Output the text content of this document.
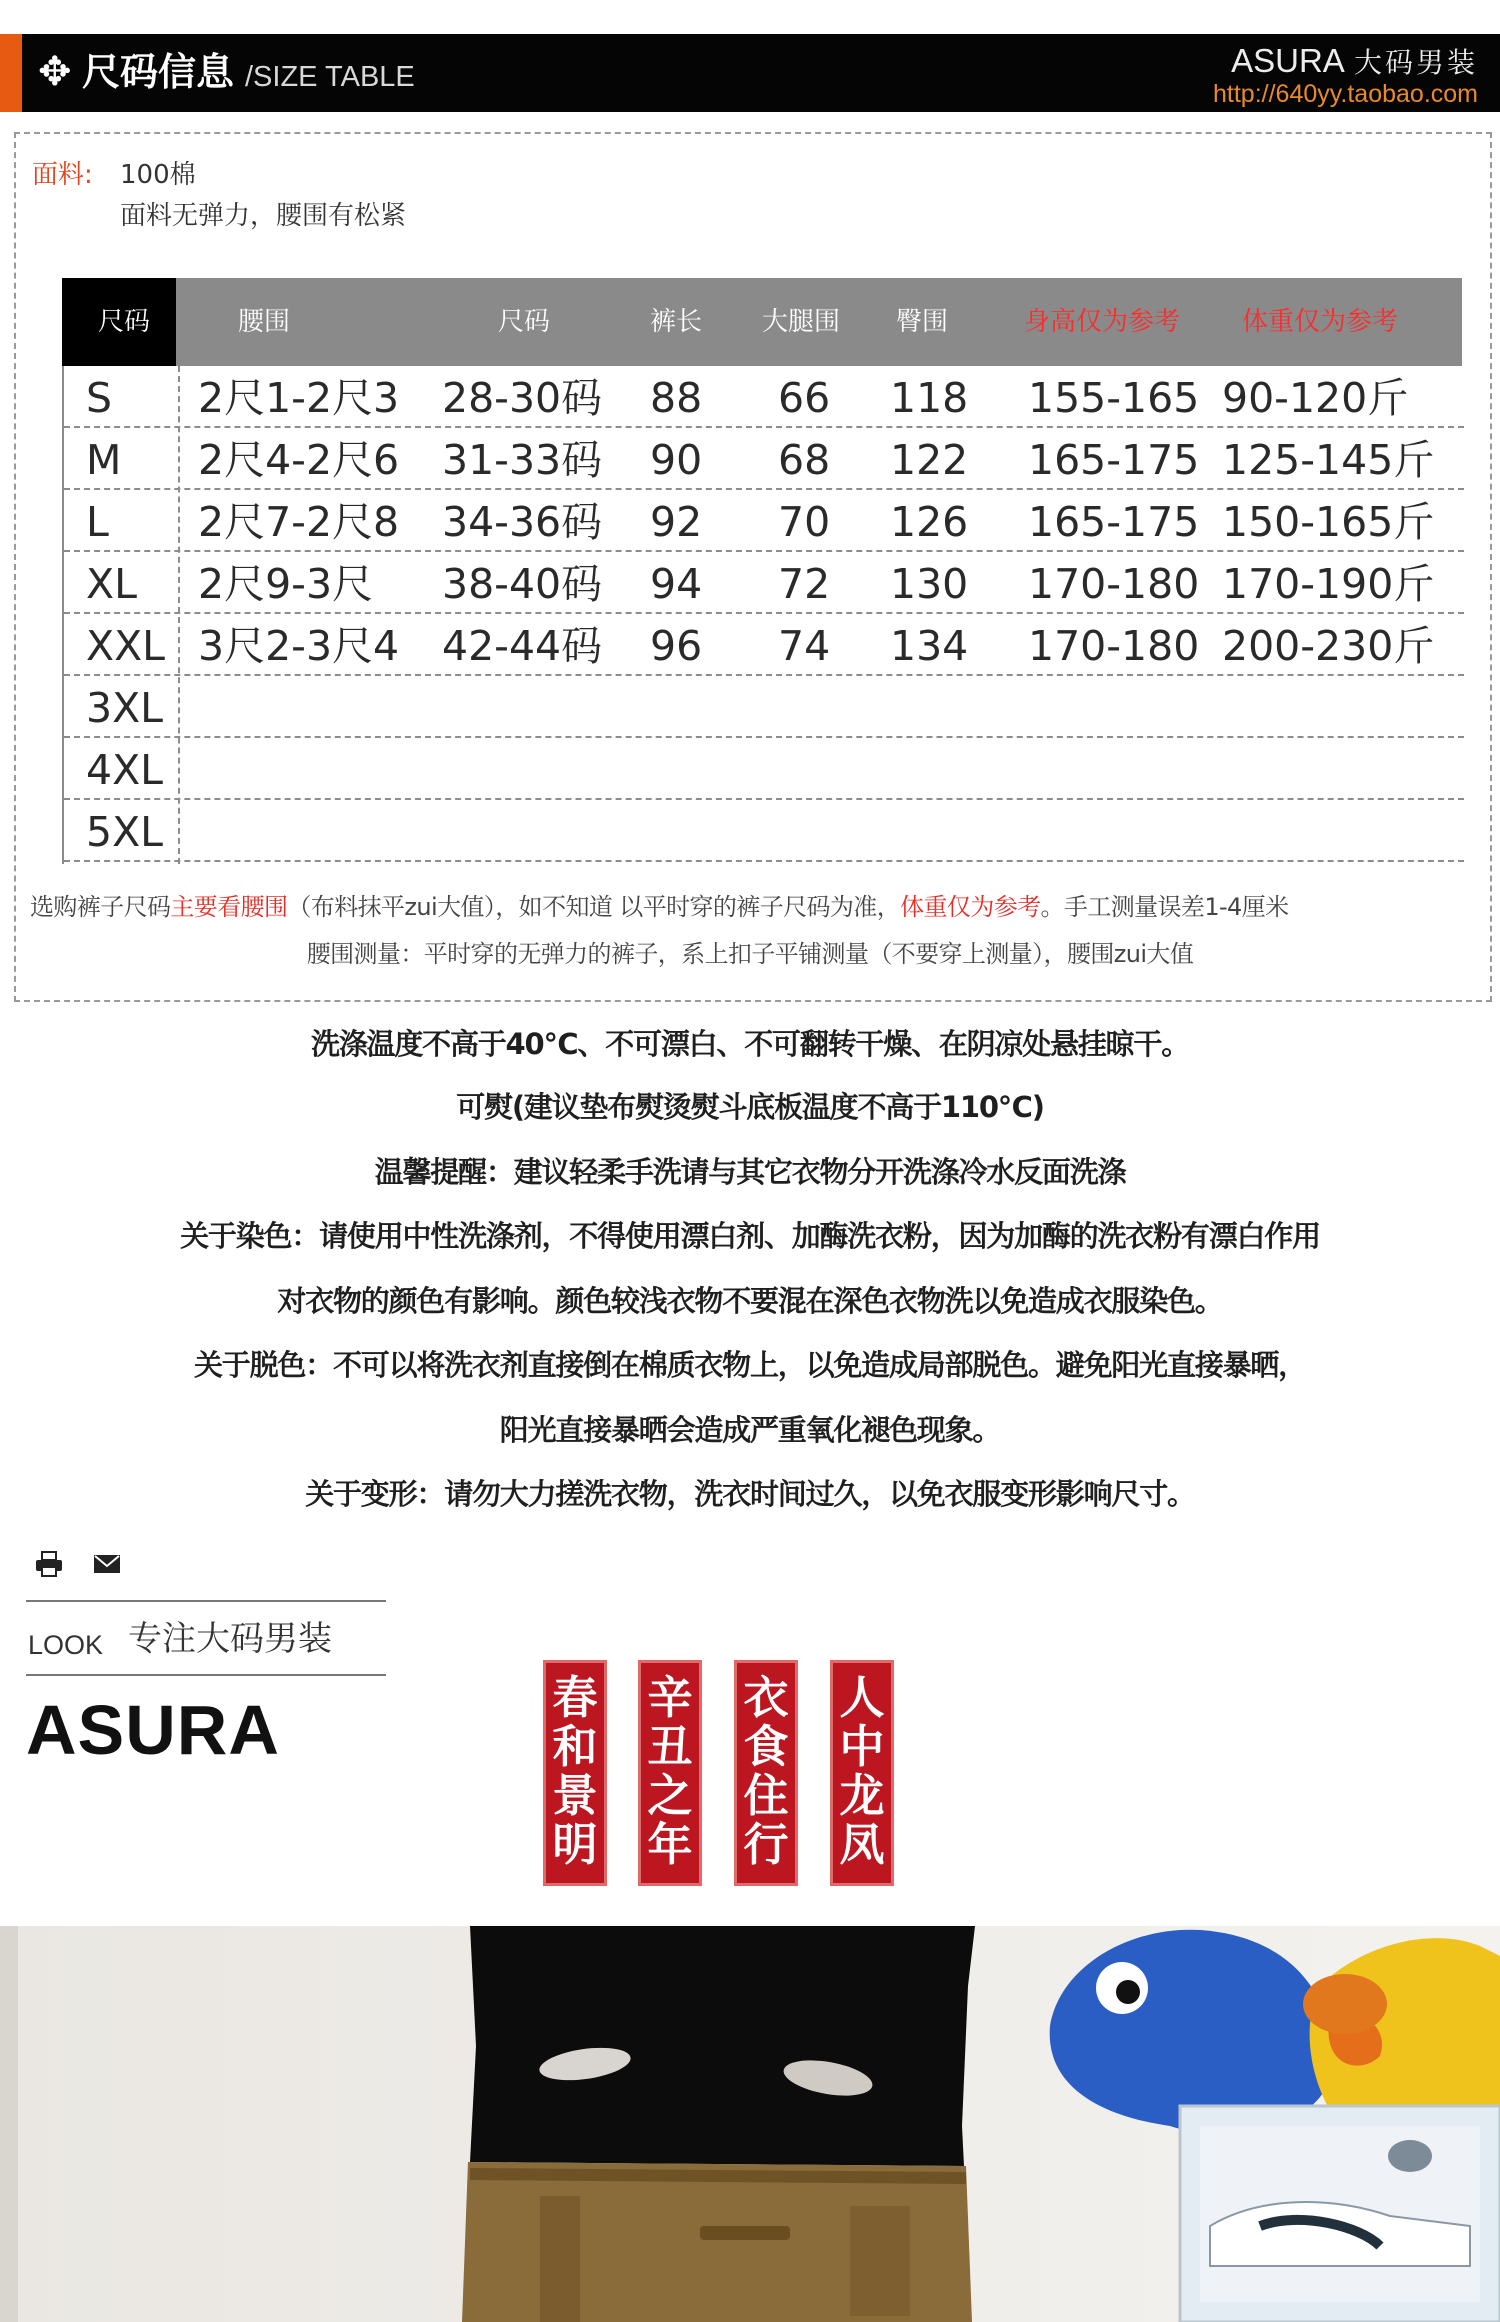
✥ 尺码信息 /SIZE TABLE	ASURA 大码男装
http://640yy.taobao.com
面料: 100棉
面料无弹力，腰围有松紧
尺码	腰围	尺码	裤长 大腿围 臀围	身高仅为参考 体重仅为参考
S 2尺1-2尺3 28-30码 88 66 118 155-165 90-120斤
M 2尺4-2尺6 31-33码 90 68 122 165-175 125-145斤
L 2尺7-2尺8 34-36码 92 70 126 165-175 150-165斤
XL 2尺9-3尺 38-40码 94 72 130 170-180 170-190斤
XXL 3尺2-3尺4 42-44码 96 74 134 170-180 200-230斤
3XL
4XL
5XL
选购裤子尺码主要看腰围（布料抹平zui大值），如不知道 以平时穿的裤子尺码为准，体重仅为参考。手工测量误差1-4厘米
腰围测量：平时穿的无弹力的裤子，系上扣子平铺测量（不要穿上测量），腰围zui大值
洗涤温度不高于40℃、不可漂白、不可翻转干燥、在阴凉处悬挂晾干。
可熨(建议垫布熨烫熨斗底板温度不高于110℃)
温馨提醒：建议轻柔手洗请与其它衣物分开洗涤冷水反面洗涤
关于染色：请使用中性洗涤剂，不得使用漂白剂、加酶洗衣粉，因为加酶的洗衣粉有漂白作用
对衣物的颜色有影响。颜色较浅衣物不要混在深色衣物洗以免造成衣服染色。
关于脱色：不可以将洗衣剂直接倒在棉质衣物上，以免造成局部脱色。避免阳光直接暴晒，
阳光直接暴晒会造成严重氧化褪色现象。
关于变形：请勿大力搓洗衣物，洗衣时间过久，以免衣服变形影响尺寸。
LOOK 专注大码男装
ASURA	春
和
景
明
辛
丑
之
年
衣
食
住
行
人
中
龙
凤
